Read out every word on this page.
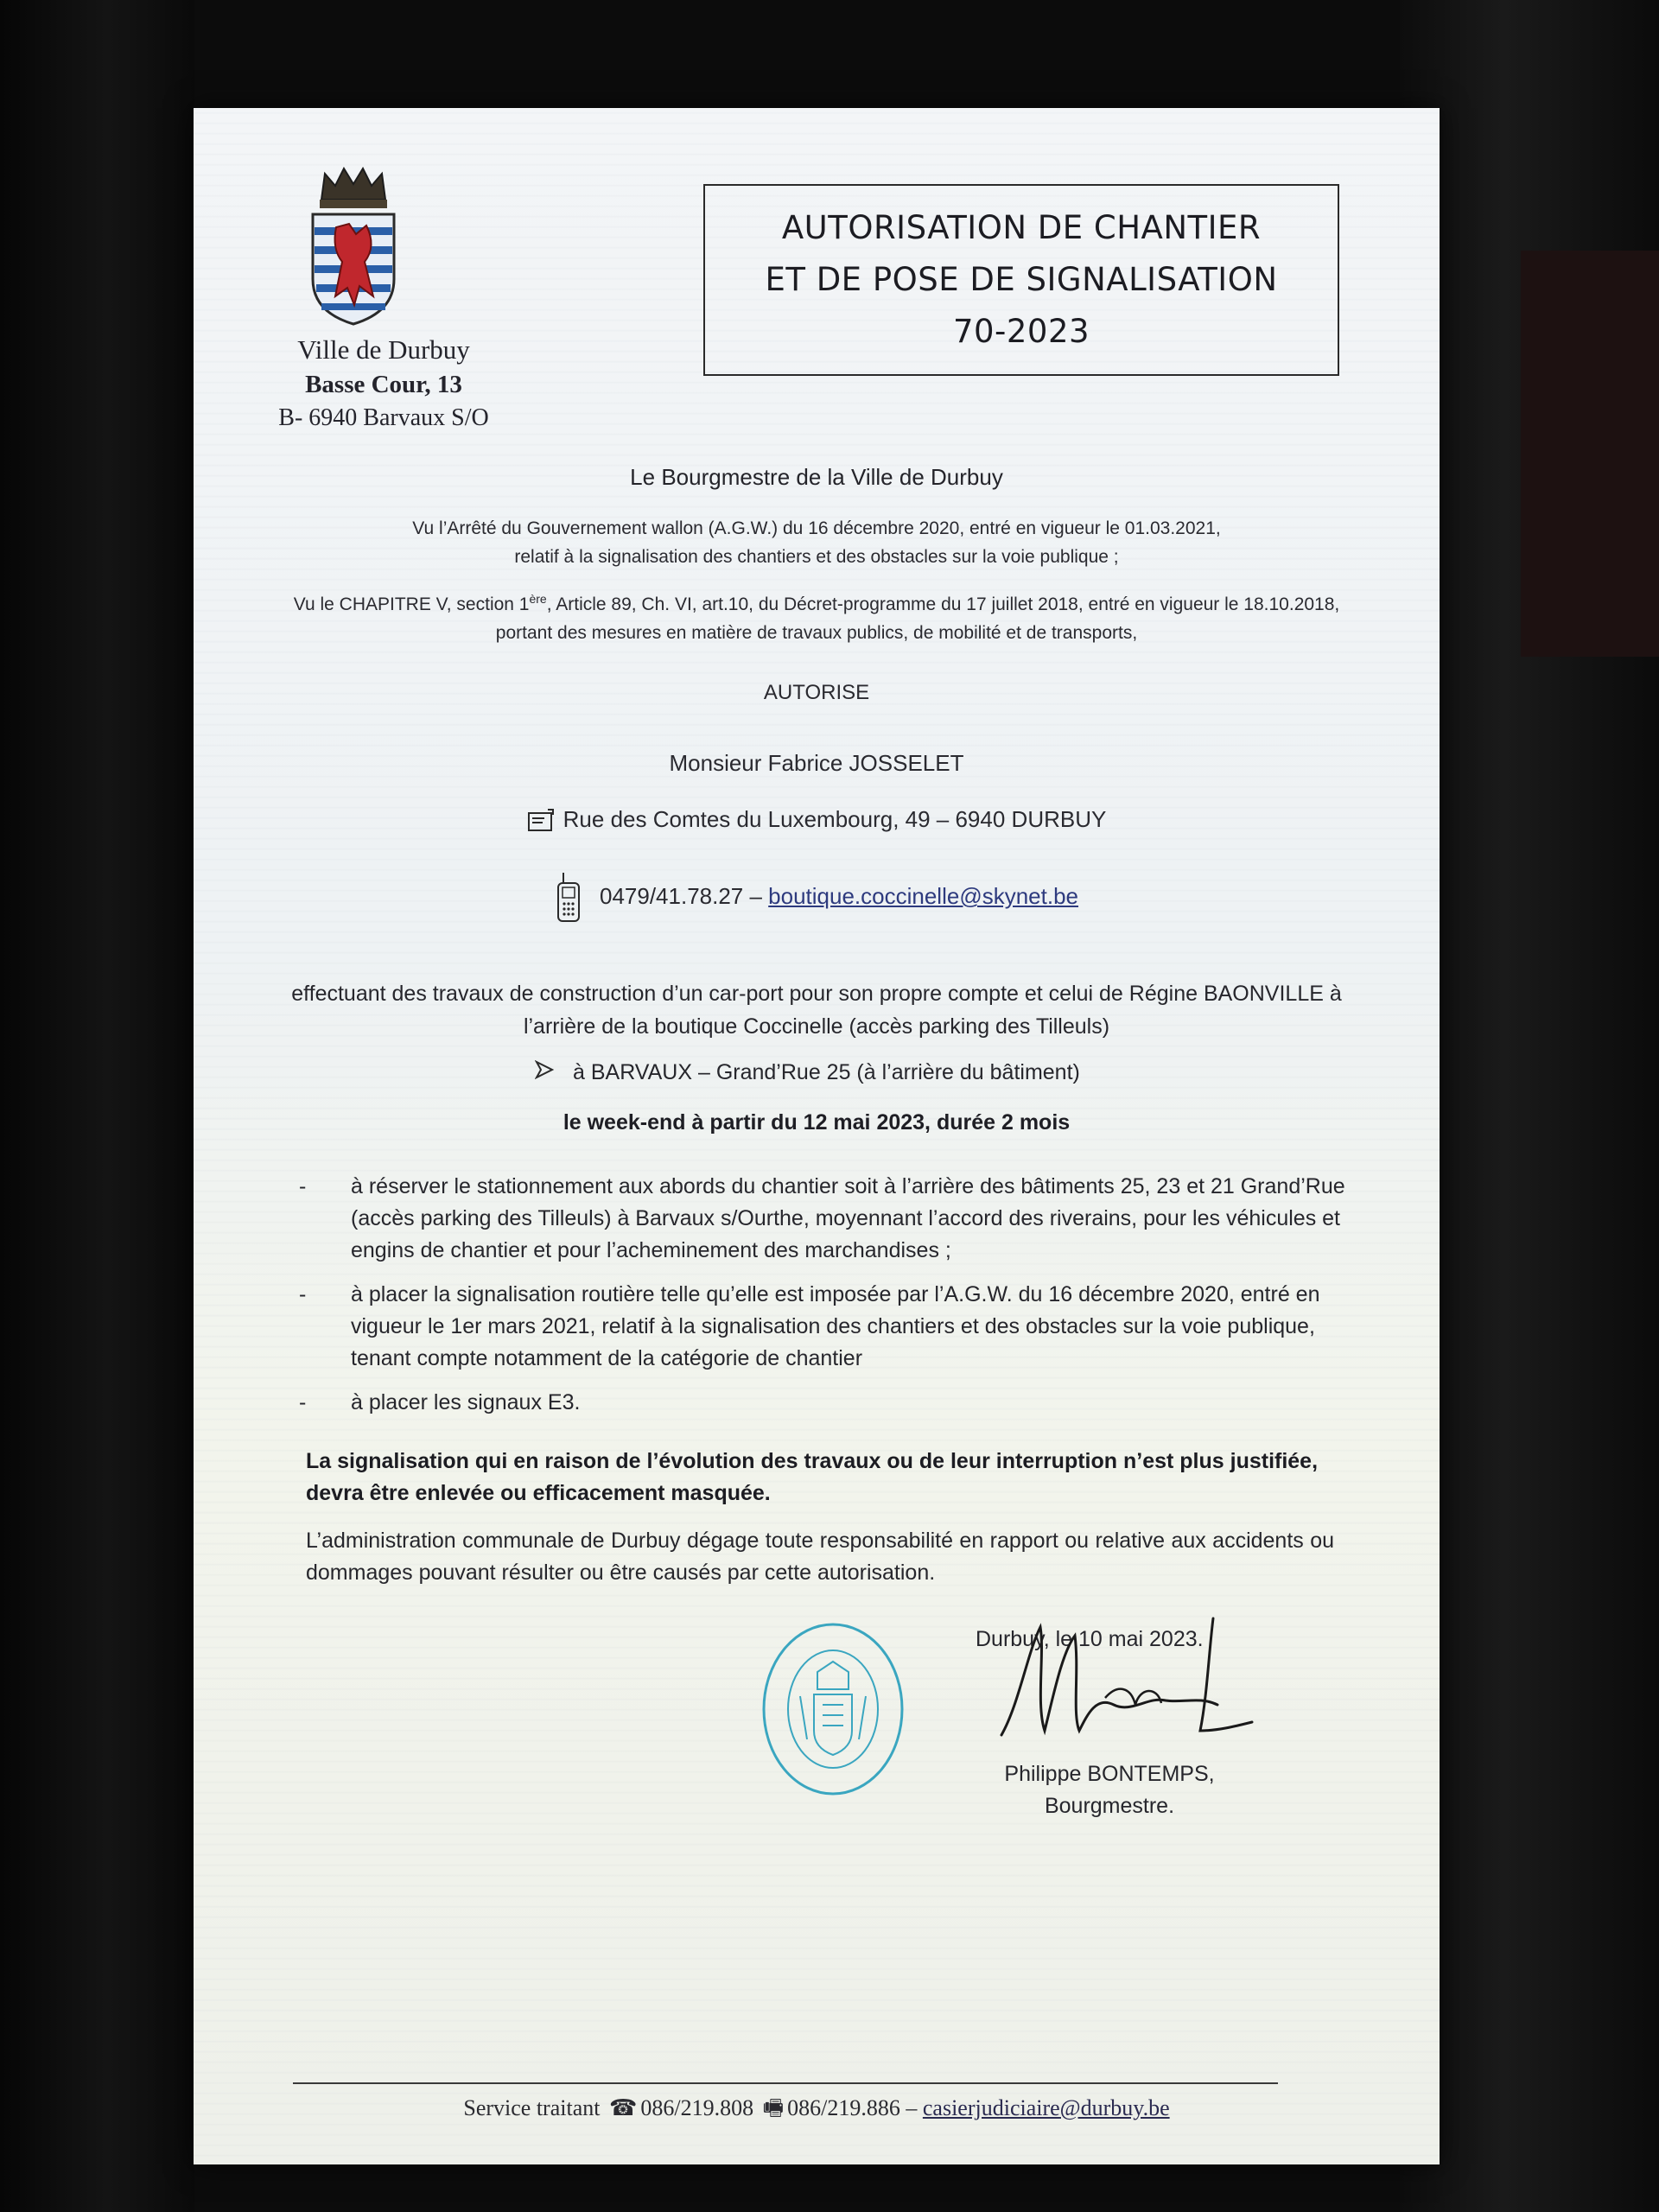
Ville de Durbuy
Basse Cour, 13
B- 6940 Barvaux S/O
AUTORISATION DE CHANTIER
ET DE POSE DE SIGNALISATION
70-2023
Le Bourgmestre de la Ville de Durbuy
Vu l’Arrêté du Gouvernement wallon (A.G.W.) du 16 décembre 2020, entré en vigueur le 01.03.2021,
relatif à la signalisation des chantiers et des obstacles sur la voie publique ;
Vu le CHAPITRE V, section 1ère, Article 89, Ch. VI, art.10, du Décret-programme du 17 juillet 2018, entré en vigueur le 18.10.2018,
portant des mesures en matière de travaux publics, de mobilité et de transports,
AUTORISE
Monsieur Fabrice JOSSELET
Rue des Comtes du Luxembourg, 49 – 6940 DURBUY
0479/41.78.27 – boutique.coccinelle@skynet.be
effectuant des travaux de construction d’un car-port pour son propre compte et celui de Régine BAONVILLE à
l’arrière de la boutique Coccinelle (accès parking des Tilleuls)
à BARVAUX – Grand’Rue 25 (à l’arrière du bâtiment)
le week-end à partir du 12 mai 2023, durée 2 mois
- à réserver le stationnement aux abords du chantier soit à l’arrière des bâtiments 25, 23 et 21 Grand’Rue (accès parking des Tilleuls) à Barvaux s/Ourthe, moyennant l’accord des riverains, pour les véhicules et engins de chantier et pour l’acheminement des marchandises ;
- à placer la signalisation routière telle qu’elle est imposée par l’A.G.W. du 16 décembre 2020, entré en vigueur le 1er mars 2021, relatif à la signalisation des chantiers et des obstacles sur la voie publique, tenant compte notamment de la catégorie de chantier
- à placer les signaux E3.
La signalisation qui en raison de l’évolution des travaux ou de leur interruption n’est plus justifiée, devra être enlevée ou efficacement masquée.
L’administration communale de Durbuy dégage toute responsabilité en rapport ou relative aux accidents ou dommages pouvant résulter ou être causés par cette autorisation.
Durbuy, le 10 mai 2023.
Philippe BONTEMPS,
Bourgmestre.
Service traitant ☎ 086/219.808 🖷 086/219.886 – casierjudiciaire@durbuy.be
